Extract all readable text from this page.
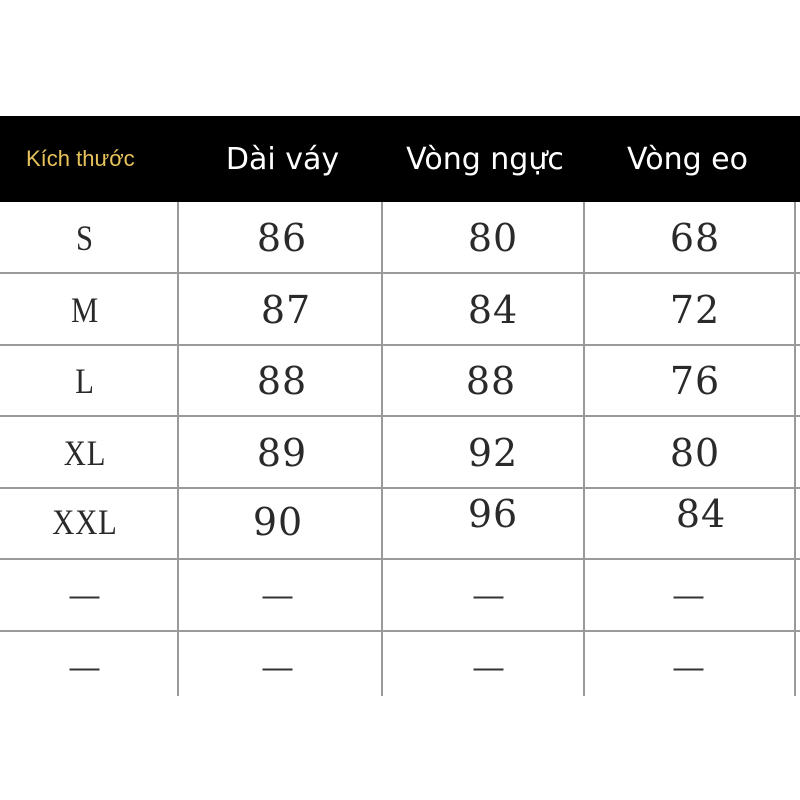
Kích thước	Dài váy	Vòng ngực	Vòng eo
S	86	80	68
M	87	84	72
L	88	88	76
XL	89	92	80
XXL	90	96	84
—	—	—	—
—	—	—	—
